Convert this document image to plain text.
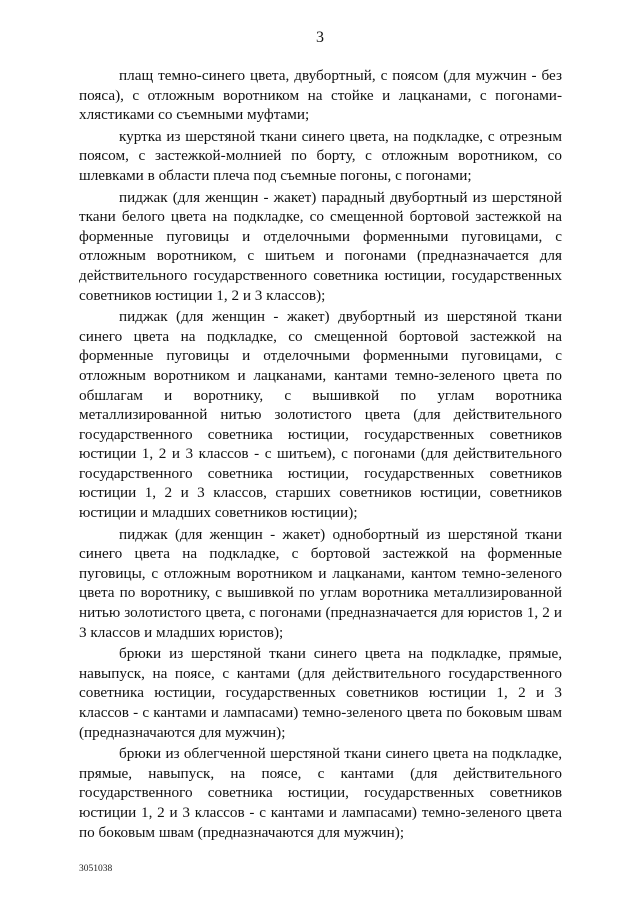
3

плащ темно-синего цвета, двубортный, с поясом (для мужчин - без пояса), с отложным воротником на стойке и лацканами, с погонами-хлястиками со съемными муфтами;

куртка из шерстяной ткани синего цвета, на подкладке, с отрезным поясом, с застежкой-молнией по борту, с отложным воротником, со шлевками в области плеча под съемные погоны, с погонами;

пиджак (для женщин - жакет) парадный двубортный из шерстяной ткани белого цвета на подкладке, со смещенной бортовой застежкой на форменные пуговицы и отделочными форменными пуговицами, с отложным воротником, с шитьем и погонами (предназначается для действительного государственного советника юстиции, государственных советников юстиции 1, 2 и 3 классов);

пиджак (для женщин - жакет) двубортный из шерстяной ткани синего цвета на подкладке, со смещенной бортовой застежкой на форменные пуговицы и отделочными форменными пуговицами, с отложным воротником и лацканами, кантами темно-зеленого цвета по обшлагам и воротнику, с вышивкой по углам воротника металлизированной нитью золотистого цвета (для действительного государственного советника юстиции, государственных советников юстиции 1, 2 и 3 классов - с шитьем), с погонами (для действительного государственного советника юстиции, государственных советников юстиции 1, 2 и 3 классов, старших советников юстиции, советников юстиции и младших советников юстиции);

пиджак (для женщин - жакет) однобортный из шерстяной ткани синего цвета на подкладке, с бортовой застежкой на форменные пуговицы, с отложным воротником и лацканами, кантом темно-зеленого цвета по воротнику, с вышивкой по углам воротника металлизированной нитью золотистого цвета, с погонами (предназначается для юристов 1, 2 и 3 классов и младших юристов);

брюки из шерстяной ткани синего цвета на подкладке, прямые, навыпуск, на поясе, с кантами (для действительного государственного советника юстиции, государственных советников юстиции 1, 2 и 3 классов - с кантами и лампасами) темно-зеленого цвета по боковым швам (предназначаются для мужчин);

брюки из облегченной шерстяной ткани синего цвета на подкладке, прямые, навыпуск, на поясе, с кантами (для действительного государственного советника юстиции, государственных советников юстиции 1, 2 и 3 классов - с кантами и лампасами) темно-зеленого цвета по боковым швам (предназначаются для мужчин);

3051038
